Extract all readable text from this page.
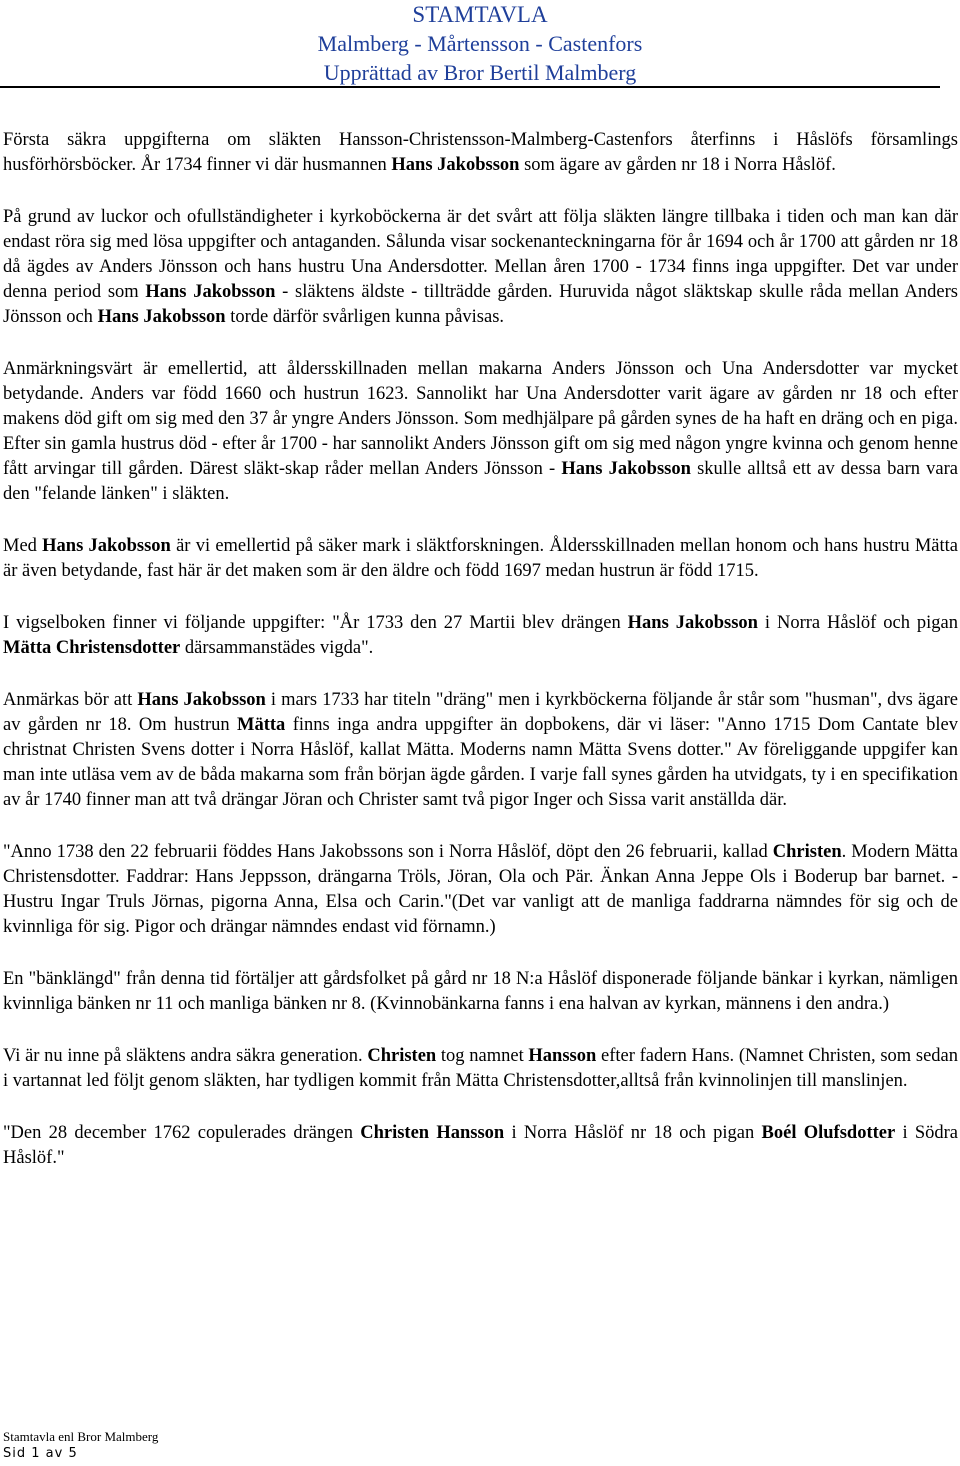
STAMTAVLA
Malmberg - Mårtensson - Castenfors
Upprättad av Bror Bertil Malmberg

Första säkra uppgifterna om släkten Hansson-Christensson-Malmberg-Castenfors återfinns i Håslöfs församlings husförhörsböcker. År 1734 finner vi där husmannen Hans Jakobsson som ägare av gården nr 18 i Norra Håslöf.

På grund av luckor och ofullständigheter i kyrkoböckerna är det svårt att följa släkten längre tillbaka i tiden och man kan där endast röra sig med lösa uppgifter och antaganden. Sålunda visar sockenanteckningarna för år 1694 och år 1700 att gården nr 18 då ägdes av Anders Jönsson och hans hustru Una Andersdotter. Mellan åren 1700 - 1734 finns inga uppgifter. Det var under denna period som Hans Jakobsson - släktens äldste - tillträdde gården. Huruvida något släktskap skulle råda mellan Anders Jönsson och Hans Jakobsson torde därför svårligen kunna påvisas.

Anmärkningsvärt är emellertid, att åldersskillnaden mellan makarna Anders Jönsson och Una Andersdotter var mycket betydande. Anders var född 1660 och hustrun 1623. Sannolikt har Una Andersdotter varit ägare av gården nr 18 och efter makens död gift om sig med den 37 år yngre Anders Jönsson. Som medhjälpare på gården synes de ha haft en dräng och en piga. Efter sin gamla hustrus död - efter år 1700 - har sannolikt Anders Jönsson gift om sig med någon yngre kvinna och genom henne fått arvingar till gården. Därest släkt-skap råder mellan Anders Jönsson - Hans Jakobsson skulle alltså ett av dessa barn vara den "felande länken" i släkten.

Med Hans Jakobsson är vi emellertid på säker mark i släktforskningen. Åldersskillnaden mellan honom och hans hustru Mätta är även betydande, fast här är det maken som är den äldre och född 1697 medan hustrun är född 1715.

I vigselboken finner vi följande uppgifter: "År 1733 den 27 Martii blev drängen Hans Jakobsson i Norra Håslöf och pigan Mätta Christensdotter därsammanstädes vigda".

Anmärkas bör att Hans Jakobsson i mars 1733 har titeln "dräng" men i kyrkböckerna följande år står som "husman", dvs ägare av gården nr 18. Om hustrun Mätta finns inga andra uppgifter än dopbokens, där vi läser: "Anno 1715 Dom Cantate blev christnat Christen Svens dotter i Norra Håslöf, kallat Mätta. Moderns namn Mätta Svens dotter." Av föreliggande uppgifer kan man inte utläsa vem av de båda makarna som från början ägde gården. I varje fall synes gården ha utvidgats, ty i en specifikation av år 1740 finner man att två drängar Jöran och Christer samt två pigor Inger och Sissa varit anställda där.

"Anno 1738 den 22 februarii föddes Hans Jakobssons son i Norra Håslöf, döpt den 26 februarii, kallad Christen. Modern Mätta Christensdotter. Faddrar: Hans Jeppsson, drängarna Tröls, Jöran, Ola och Pär. Änkan Anna Jeppe Ols i Boderup bar barnet. - Hustru Ingar Truls Jörnas, pigorna Anna, Elsa och Carin."(Det var vanligt att de manliga faddrarna nämndes för sig och de kvinnliga för sig. Pigor och drängar nämndes endast vid förnamn.)

En "bänklängd" från denna tid förtäljer att gårdsfolket på gård nr 18 N:a Håslöf disponerade följande bänkar i kyrkan, nämligen kvinnliga bänken nr 11 och manliga bänken nr 8. (Kvinnobänkarna fanns i ena halvan av kyrkan, männens i den andra.)

Vi är nu inne på släktens andra säkra generation. Christen tog namnet Hansson efter fadern Hans. (Namnet Christen, som sedan i vartannat led följt genom släkten, har tydligen kommit från Mätta Christensdotter,alltså från kvinnolinjen till manslinjen.

"Den 28 december 1762 copulerades drängen Christen Hansson i Norra Håslöf nr 18 och pigan Boél Olufsdotter i Södra Håslöf."

Stamtavla enl Bror Malmberg
Sid 1 av 5
